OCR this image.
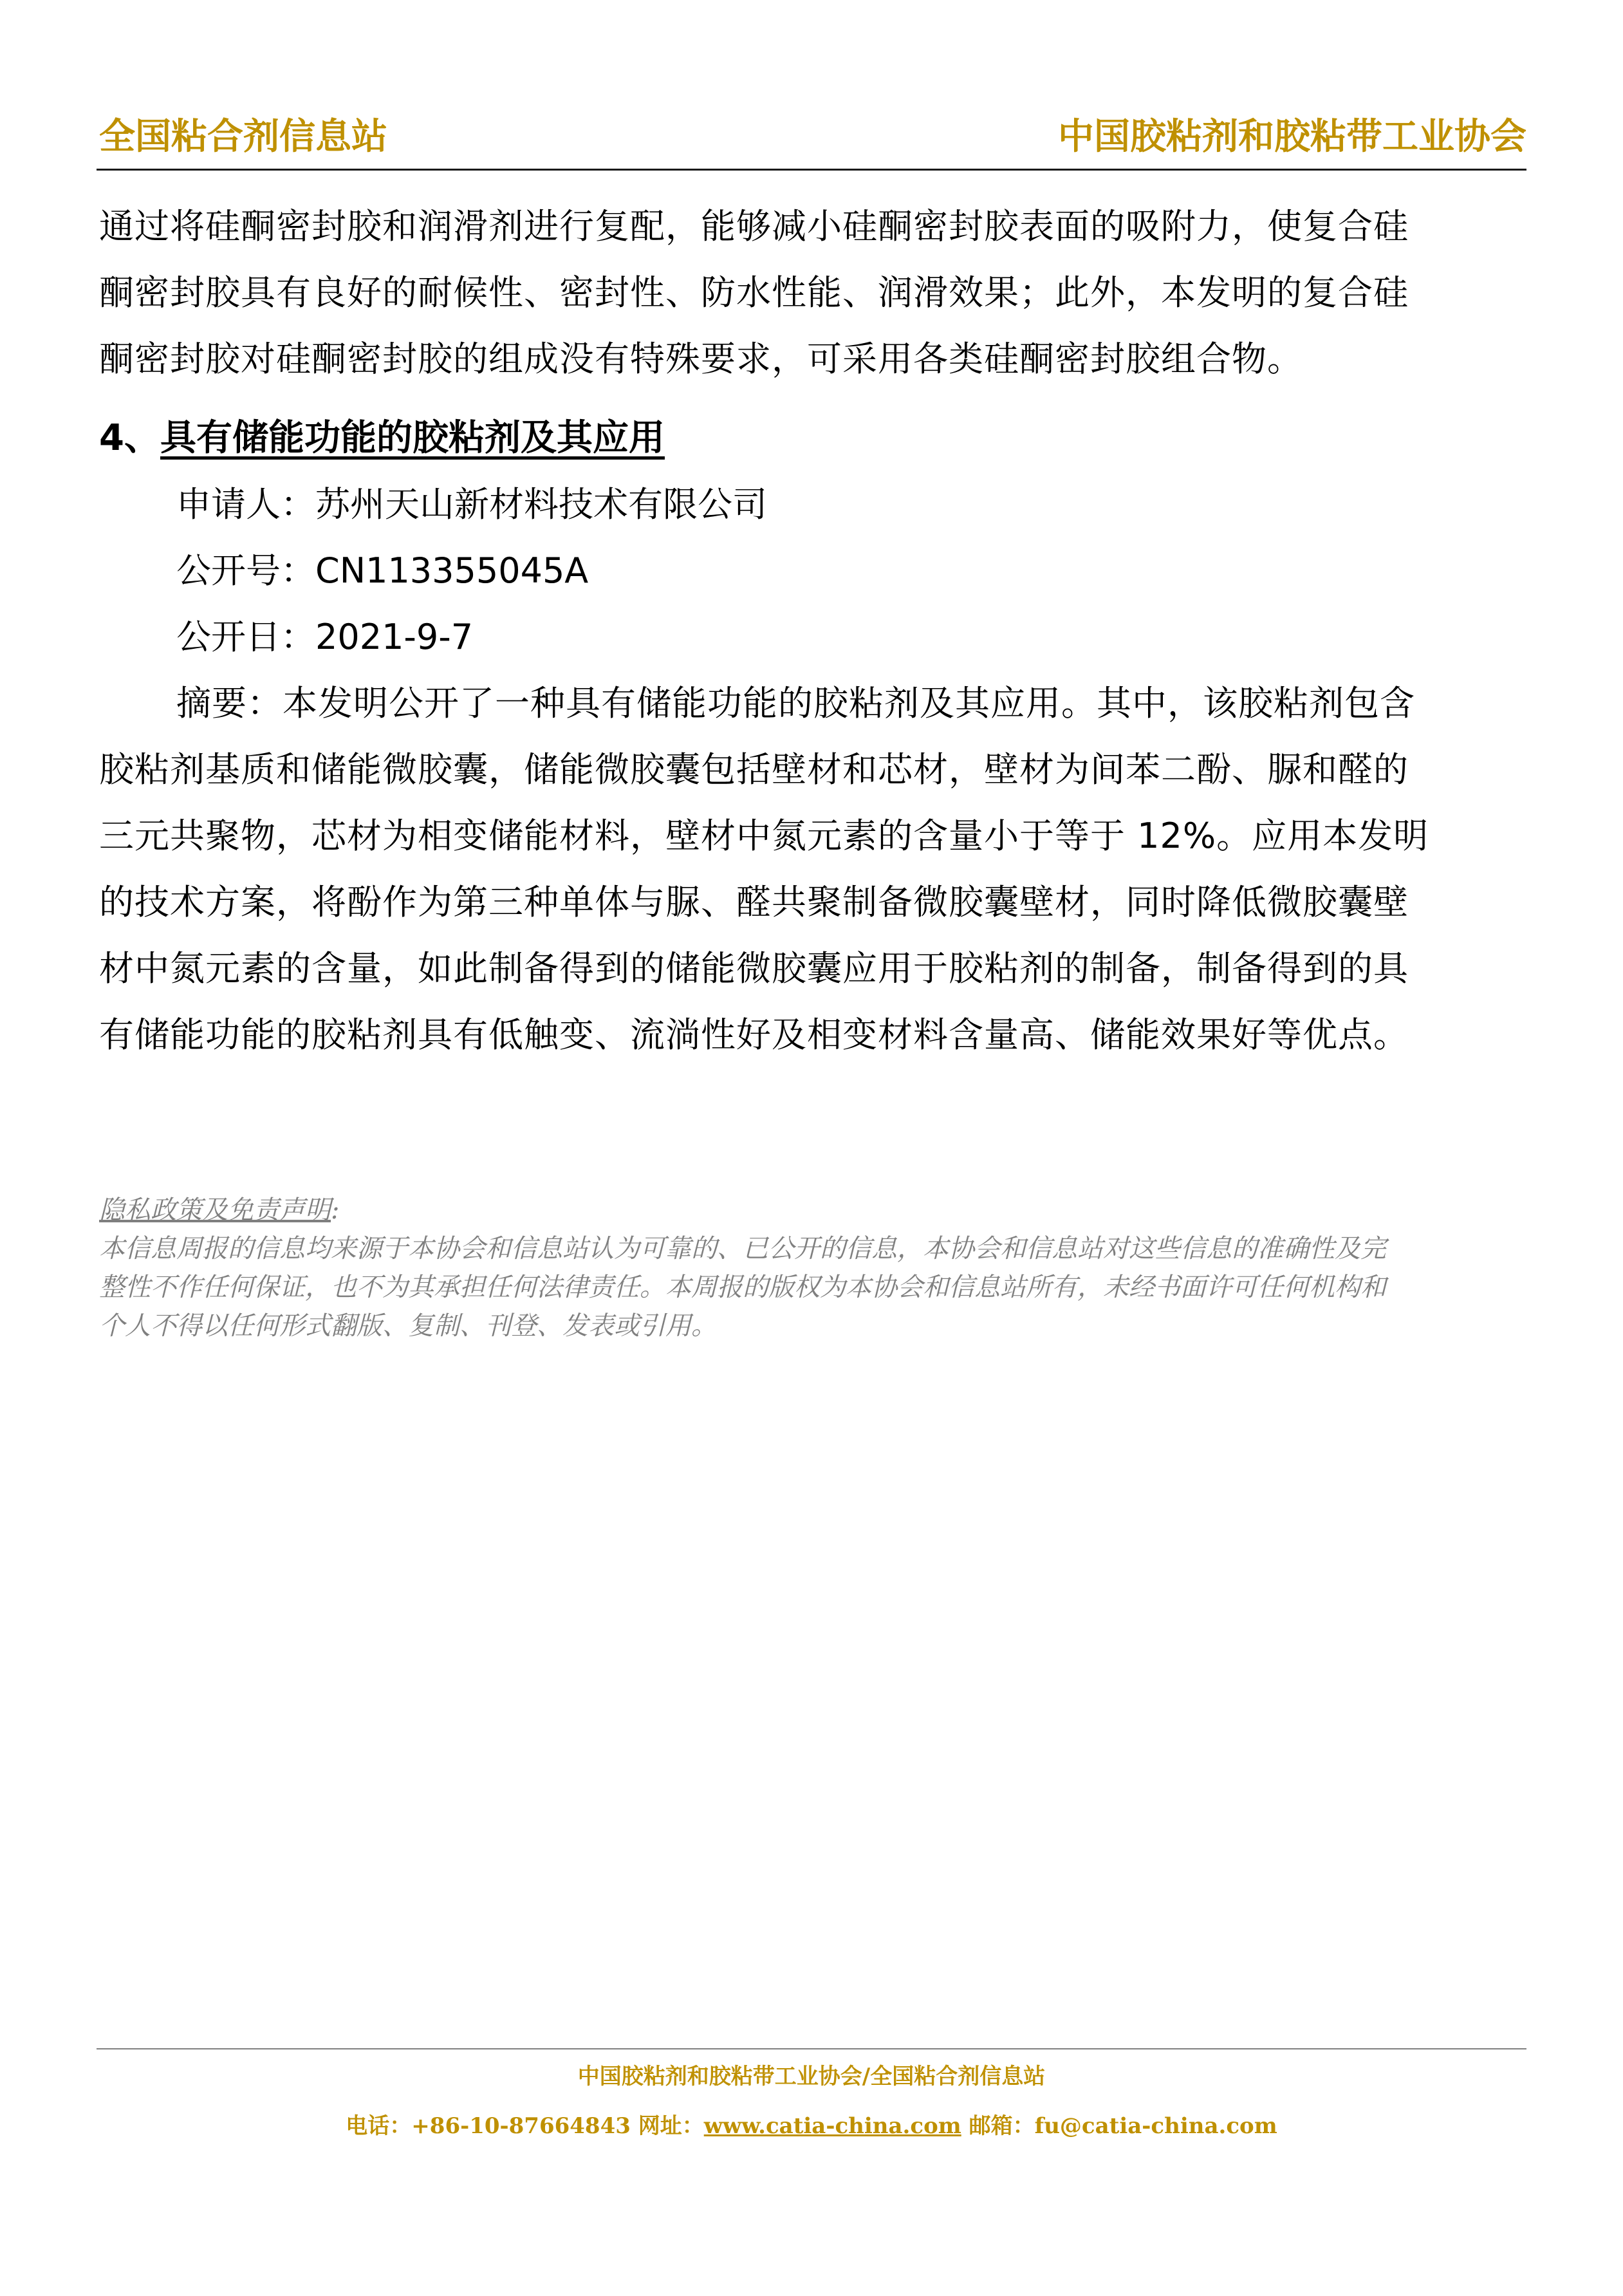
全国粘合剂信息站	中国胶粘剂和胶粘带工业协会

通过将硅酮密封胶和润滑剂进行复配，能够减小硅酮密封胶表面的吸附力，使复合硅
酮密封胶具有良好的耐候性、密封性、防水性能、润滑效果；此外，本发明的复合硅
酮密封胶对硅酮密封胶的组成没有特殊要求，可采用各类硅酮密封胶组合物。

4、具有储能功能的胶粘剂及其应用

申请人：苏州天山新材料技术有限公司

公开号：CN113355045A

公开日：2021-9-7

摘要：本发明公开了一种具有储能功能的胶粘剂及其应用。其中，该胶粘剂包含
胶粘剂基质和储能微胶囊，储能微胶囊包括壁材和芯材，壁材为间苯二酚、脲和醛的
三元共聚物，芯材为相变储能材料，壁材中氮元素的含量小于等于 12%。应用本发明
的技术方案，将酚作为第三种单体与脲、醛共聚制备微胶囊壁材，同时降低微胶囊壁
材中氮元素的含量，如此制备得到的储能微胶囊应用于胶粘剂的制备，制备得到的具
有储能功能的胶粘剂具有低触变、流淌性好及相变材料含量高、储能效果好等优点。

隐私政策及免责声明:

本信息周报的信息均来源于本协会和信息站认为可靠的、已公开的信息，本协会和信息站对这些信息的准确性及完

整性不作任何保证，也不为其承担任何法律责任。本周报的版权为本协会和信息站所有，未经书面许可任何机构和

个人不得以任何形式翻版、复制、刊登、发表或引用。

中国胶粘剂和胶粘带工业协会/全国粘合剂信息站
电话：+86-10-87664843 网址：www.catia-china.com 邮箱：fu@catia-china.com
